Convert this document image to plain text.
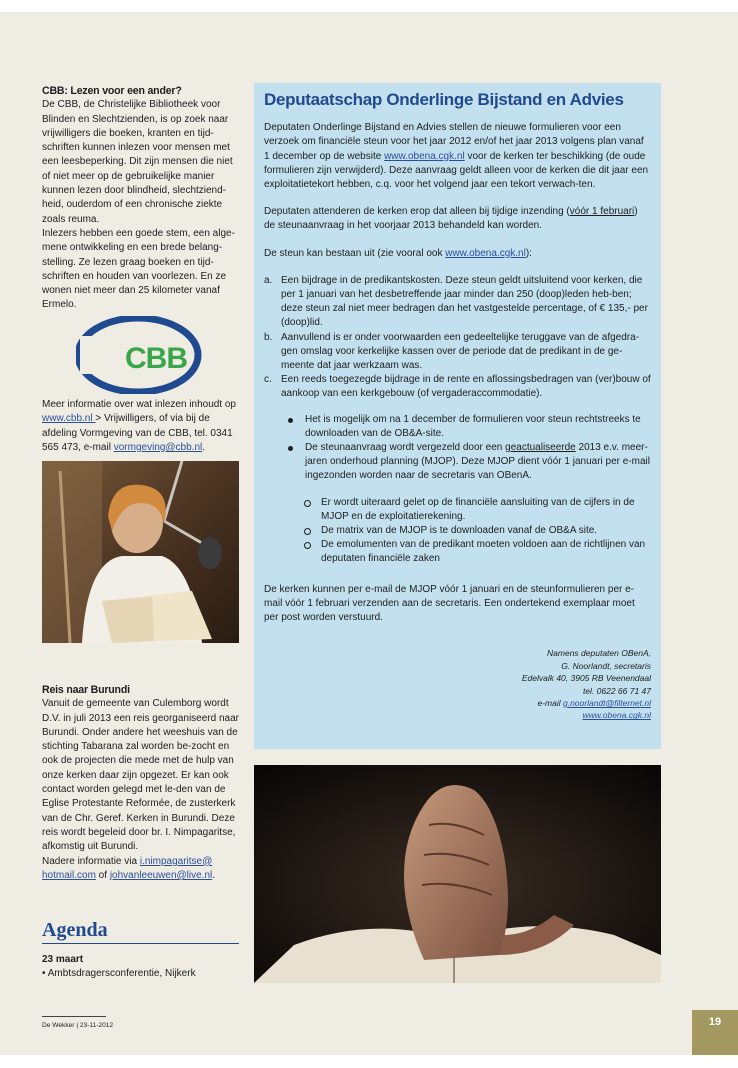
CBB: Lezen voor een ander?

De CBB, de Christelijke Bibliotheek voor Blinden en Slechtzienden, is op zoek naar vrijwilligers die boeken, kranten en tijd-schriften kunnen inlezen voor mensen met een leesbeperking. Dit zijn mensen die niet of niet meer op de gebruikelijke manier kunnen lezen door blindheid, slechtziend-heid, ouderdom of een chronische ziekte zoals reuma.

Inlezers hebben een goede stem, een alge-mene ontwikkeling en een brede belang-stelling. Ze lezen graag boeken en tijd-schriften en houden van voorlezen. En ze wonen niet meer dan 25 kilometer vanaf Ermelo.

CBB

Meer informatie over wat inlezen inhoudt op www.cbb.nl > Vrijwilligers, of via bij de afdeling Vormgeving van de CBB, tel. 0341 565 473, e-mail vormgeving@cbb.nl.

Reis naar Burundi

Vanuit de gemeente van Culemborg wordt D.V. in juli 2013 een reis georganiseerd naar Burundi. Onder andere het weeshuis van de stichting Tabarana zal worden be-zocht en ook de projecten die mede met de hulp van onze kerken daar zijn opgezet. Er kan ook contact worden gelegd met le-den van de Eglise Protestante Reformée, de zusterkerk van de Chr. Geref. Kerken in Burundi. Deze reis wordt begeleid door br. I. Nimpagaritse, afkomstig uit Burundi.

Nadere informatie via i.nimpagaritse@ hotmail.com of johvanleeuwen@live.nl.

Agenda
23 maart
• Ambtsdragersconferentie, Nijkerk
Deputaatschap Onderlinge Bijstand en Advies

Deputaten Onderlinge Bijstand en Advies stellen de nieuwe formulieren voor een verzoek om financiële steun voor het jaar 2012 en/of het jaar 2013 volgens plan vanaf 1 december op de website www.obena.cgk.nl voor de kerken ter beschikking (de oude formulieren zijn verwijderd). Deze aanvraag geldt alleen voor de kerken die dit jaar een exploitatietekort hebben, c.q. voor het volgend jaar een tekort verwach-ten.

Deputaten attenderen de kerken erop dat alleen bij tijdige inzending (vóór 1 februari) de steunaanvraag in het voorjaar 2013 behandeld kan worden.

De steun kan bestaan uit (zie vooral ook www.obena.cgk.nl):

a. Een bijdrage in de predikantskosten. Deze steun geldt uitsluitend voor kerken, die per 1 januari van het desbetreffende jaar minder dan 250 (doop)leden heb-ben; deze steun zal niet meer bedragen dan het vastgestelde percentage, of € 135,- per (doop)lid.
b. Aanvullend is er onder voorwaarden een gedeeltelijke teruggave van de afgedra-gen omslag voor kerkelijke kassen over de periode dat de predikant in de ge-meente dat jaar werkzaam was.
c. Een reeds toegezegde bijdrage in de rente en aflossingsbedragen van (ver)bouw of aankoop van een kerkgebouw (of vergaderaccommodatie).
Het is mogelijk om na 1 december de formulieren voor steun rechtstreeks te downloaden van de OB&A-site.
De steunaanvraag wordt vergezeld door een geactualiseerde 2013 e.v. meer-jaren onderhoud planning (MJOP). Deze MJOP dient vóór 1 januari per e-mail ingezonden worden naar de secretaris van OBenA.
Er wordt uiteraard gelet op de financiële aansluiting van de cijfers in de MJOP en de exploitatierekening.
De matrix van de MJOP is te downloaden vanaf de OB&A site.
De emolumenten van de predikant moeten voldoen aan de richtlijnen van deputaten financiële zaken

De kerken kunnen per e-mail de MJOP vóór 1 januari en de steunformulieren per e-mail vóór 1 februari verzenden aan de secretaris. Een ondertekend exemplaar moet per post worden verstuurd.

Namens deputaten OBenA,
G. Noorlandt, secretaris
Edelvalk 40, 3905 RB Veenendaal
tel. 0622 66 71 47
e-mail g.noorlandt@filternet.nl
www.obena.cgk.nl
De Wekker | 23-11-2012	19
